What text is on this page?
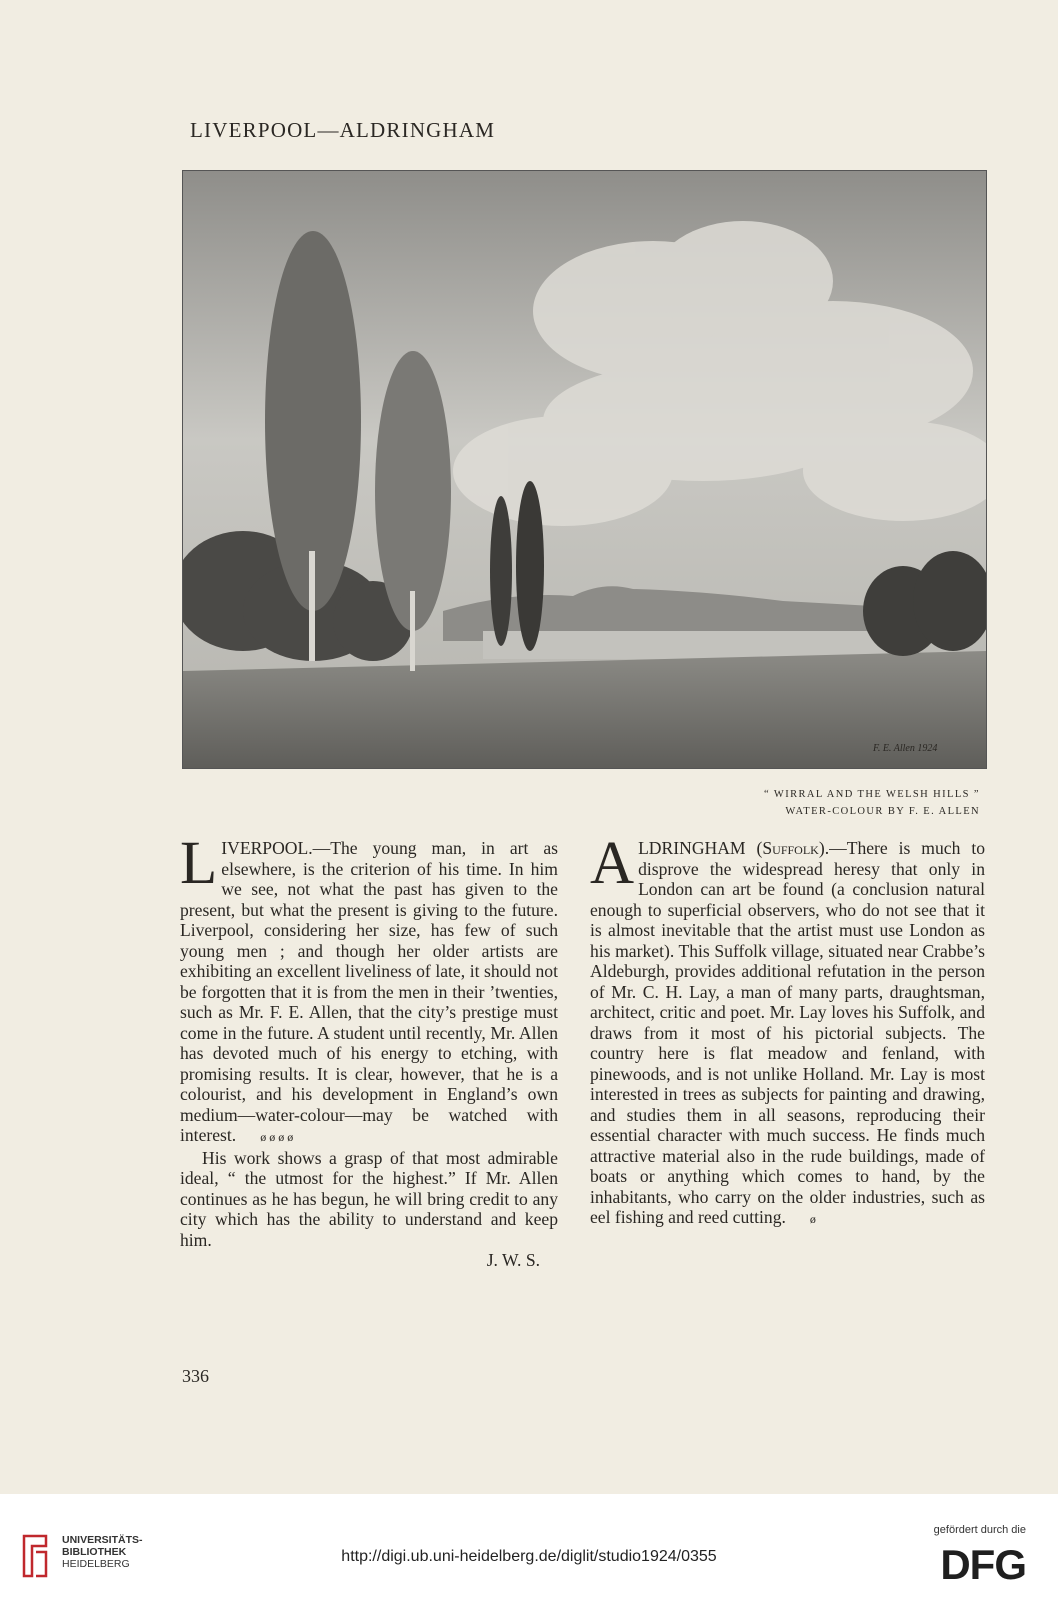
LIVERPOOL—ALDRINGHAM
F. E. Allen 1924
“ WIRRAL AND THE WELSH HILLS ”
WATER-COLOUR BY F. E. ALLEN

LIVERPOOL.—The young man, in art as elsewhere, is the criterion of his time. In him we see, not what the past has given to the present, but what the present is giving to the future. Liverpool, considering her size, has few of such young men ; and though her older artists are exhibiting an excellent liveliness of late, it should not be forgotten that it is from the men in their ’twenties, such as Mr. F. E. Allen, that the city’s prestige must come in the future. A student until recently, Mr. Allen has devoted much of his energy to etching, with promising results. It is clear, however, that he is a colourist, and his development in England’s own medium—water-colour—may be watched with interest. ø ø ø ø

His work shows a grasp of that most admirable ideal, “ the utmost for the highest.” If Mr. Allen continues as he has begun, he will bring credit to any city which has the ability to understand and keep him.

J. W. S.

ALDRINGHAM (Suffolk).—There is much to disprove the widespread heresy that only in London can art be found (a conclusion natural enough to superficial observers, who do not see that it is almost inevitable that the artist must use London as his market). This Suffolk village, situated near Crabbe’s Aldeburgh, provides additional refutation in the person of Mr. C. H. Lay, a man of many parts, draughtsman, architect, critic and poet. Mr. Lay loves his Suffolk, and draws from it most of his pictorial subjects. The country here is flat meadow and fenland, with pinewoods, and is not unlike Holland. Mr. Lay is most interested in trees as subjects for painting and drawing, and studies them in all seasons, reproducing their essential character with much success. He finds much attractive material also in the rude buildings, made of boats or anything which comes to hand, by the inhabitants, who carry on the older industries, such as eel fishing and reed cutting. ø

336
UNIVERSITÄTS-
BIBLIOTHEK
HEIDELBERG	http://digi.ub.uni-heidelberg.de/diglit/studio1924/0355
gefördert durch die
DFG
